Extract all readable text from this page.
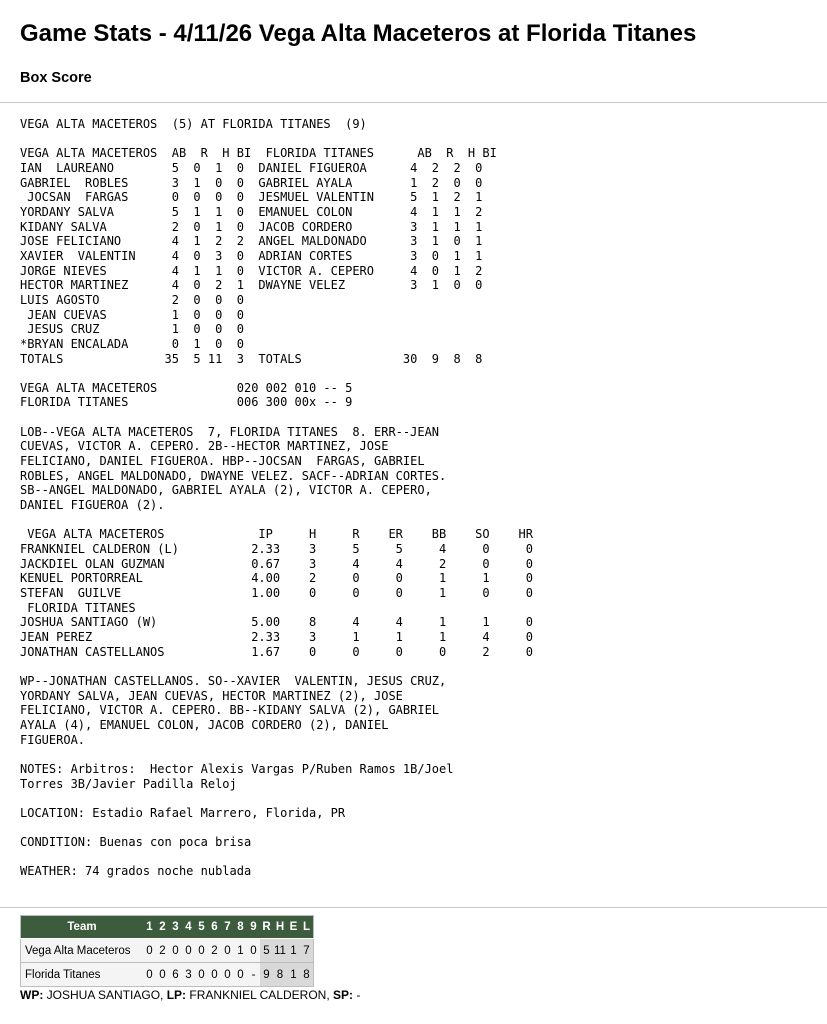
Game Stats - 4/11/26 Vega Alta Maceteros at Florida Titanes
Box Score
VEGA ALTA MACETEROS  (5) AT FLORIDA TITANES  (9)

VEGA ALTA MACETEROS  AB  R  H BI  FLORIDA TITANES      AB  R  H BI
IAN  LAUREANO        5  0  1  0  DANIEL FIGUEROA      4  2  2  0
GABRIEL  ROBLES      3  1  0  0  GABRIEL AYALA        1  2  0  0
JOCSAN  FARGAS      0  0  0  0  JESMUEL VALENTIN     5  1  2  1
YORDANY SALVA        5  1  1  0  EMANUEL COLON        4  1  1  2
KIDANY SALVA         2  0  1  0  JACOB CORDERO        3  1  1  1
JOSE FELICIANO       4  1  2  2  ANGEL MALDONADO      3  1  0  1
XAVIER  VALENTIN     4  0  3  0  ADRIAN CORTES        3  0  1  1
JORGE NIEVES         4  1  1  0  VICTOR A. CEPERO     4  0  1  2
HECTOR MARTINEZ      4  0  2  1  DWAYNE VELEZ         3  1  0  0
LUIS AGOSTO          2  0  0  0
JEAN CUEVAS         1  0  0  0
JESUS CRUZ          1  0  0  0
*BRYAN ENCALADA      0  1  0  0
TOTALS              35  5 11  3  TOTALS              30  9  8  8

VEGA ALTA MACETEROS           020 002 010 -- 5
FLORIDA TITANES               006 300 00x -- 9

LOB--VEGA ALTA MACETEROS  7, FLORIDA TITANES  8. ERR--JEAN
CUEVAS, VICTOR A. CEPERO. 2B--HECTOR MARTINEZ, JOSE
FELICIANO, DANIEL FIGUEROA. HBP--JOCSAN  FARGAS, GABRIEL
ROBLES, ANGEL MALDONADO, DWAYNE VELEZ. SACF--ADRIAN CORTES.
SB--ANGEL MALDONADO, GABRIEL AYALA (2), VICTOR A. CEPERO,
DANIEL FIGUEROA (2).

VEGA ALTA MACETEROS             IP     H     R    ER    BB    SO    HR
FRANKNIEL CALDERON (L)          2.33    3     5     5     4     0     0
JACKDIEL OLAN GUZMAN            0.67    3     4     4     2     0     0
KENUEL PORTORREAL               4.00    2     0     0     1     1     0
STEFAN  GUILVE                  1.00    0     0     0     1     0     0
FLORIDA TITANES
JOSHUA SANTIAGO (W)             5.00    8     4     4     1     1     0
JEAN PEREZ                      2.33    3     1     1     1     4     0
JONATHAN CASTELLANOS            1.67    0     0     0     0     2     0

WP--JONATHAN CASTELLANOS. SO--XAVIER  VALENTIN, JESUS CRUZ,
YORDANY SALVA, JEAN CUEVAS, HECTOR MARTINEZ (2), JOSE
FELICIANO, VICTOR A. CEPERO. BB--KIDANY SALVA (2), GABRIEL
AYALA (4), EMANUEL COLON, JACOB CORDERO (2), DANIEL
FIGUEROA.

NOTES: Arbitros:  Hector Alexis Vargas P/Ruben Ramos 1B/Joel
Torres 3B/Javier Padilla Reloj

LOCATION: Estadio Rafael Marrero, Florida, PR

CONDITION: Buenas con poca brisa

WEATHER: 74 grados noche nublada
Team	1	2	3	4	5	6	7	8	9	R	H	E	L
Vega Alta Maceteros	0	2	0	0	0	2	0	1	0	5	11	1	7
Florida Titanes	0	0	6	3	0	0	0	0	-	9	8	1	8
WP: JOSHUA SANTIAGO, LP: FRANKNIEL CALDERON, SP: -
